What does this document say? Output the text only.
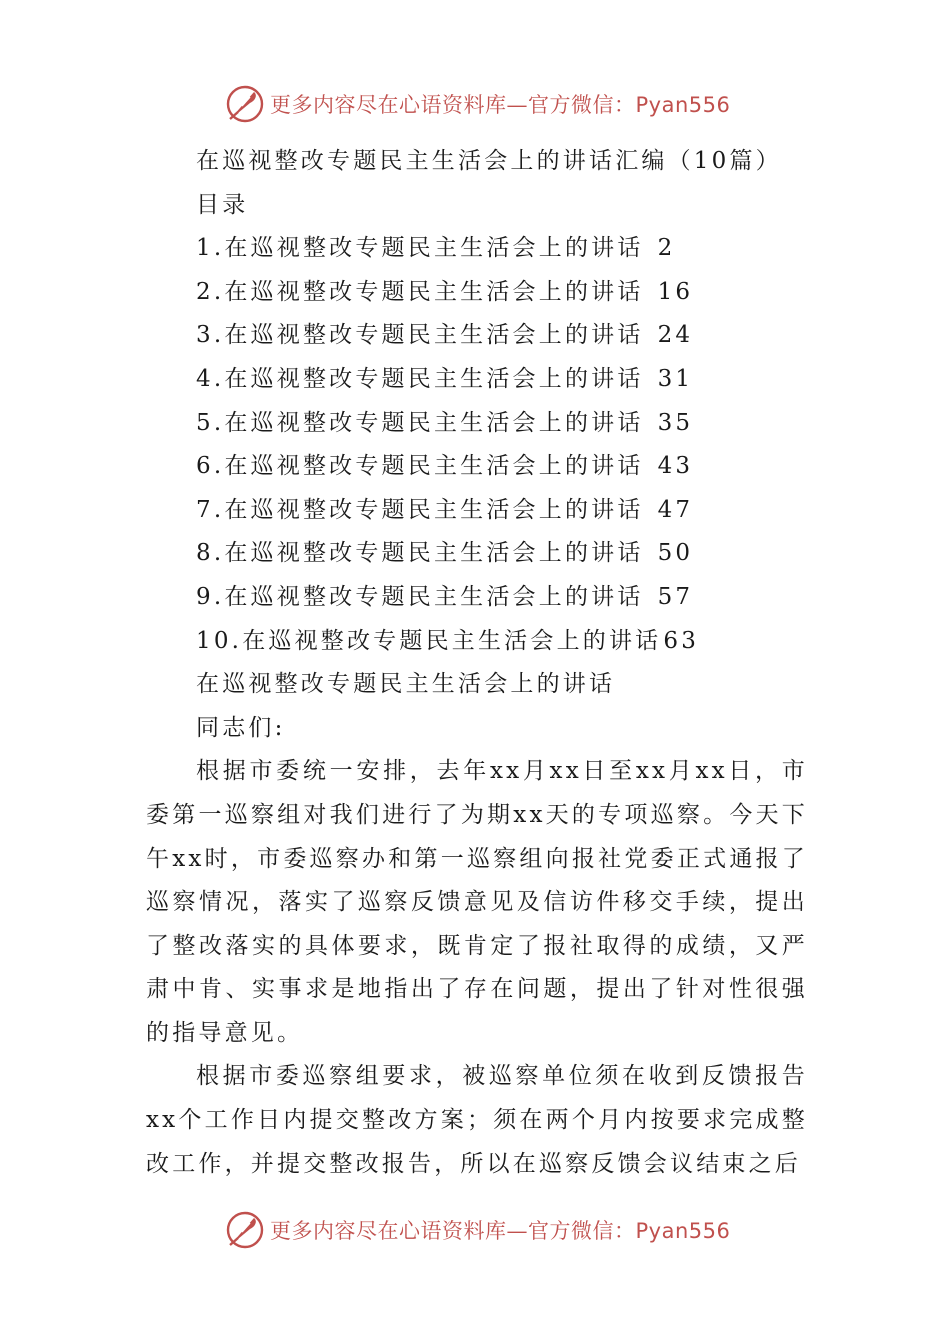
更多内容尽在心语资料库—官方微信：Pyan556
在巡视整改专题民主生活会上的讲话汇编（10篇）
目录
1. 在巡视整改专题民主生活会上的讲话 2
2. 在巡视整改专题民主生活会上的讲话 16
3. 在巡视整改专题民主生活会上的讲话 24
4. 在巡视整改专题民主生活会上的讲话 31
5. 在巡视整改专题民主生活会上的讲话 35
6. 在巡视整改专题民主生活会上的讲话 43
7. 在巡视整改专题民主生活会上的讲话 47
8. 在巡视整改专题民主生活会上的讲话 50
9. 在巡视整改专题民主生活会上的讲话 57
10. 在巡视整改专题民主生活会上的讲话 63
在巡视整改专题民主生活会上的讲话
同志们:
根据市委统一安排，去年xx月xx日至xx月xx日，市委第一巡察组对我们进行了为期xx天的专项巡察。今天下午xx时，市委巡察办和第一巡察组向报社党委正式通报了巡察情况，落实了巡察反馈意见及信访件移交手续，提出了整改落实的具体要求，既肯定了报社取得的成绩，又严肃中肯、实事求是地指出了存在问题，提出了针对性很强的指导意见。
根据市委巡察组要求，被巡察单位须在收到反馈报告xx个工作日内提交整改方案；须在两个月内按要求完成整改工作，并提交整改报告，所以在巡察反馈会议结束之后
更多内容尽在心语资料库—官方微信：Pyan556
